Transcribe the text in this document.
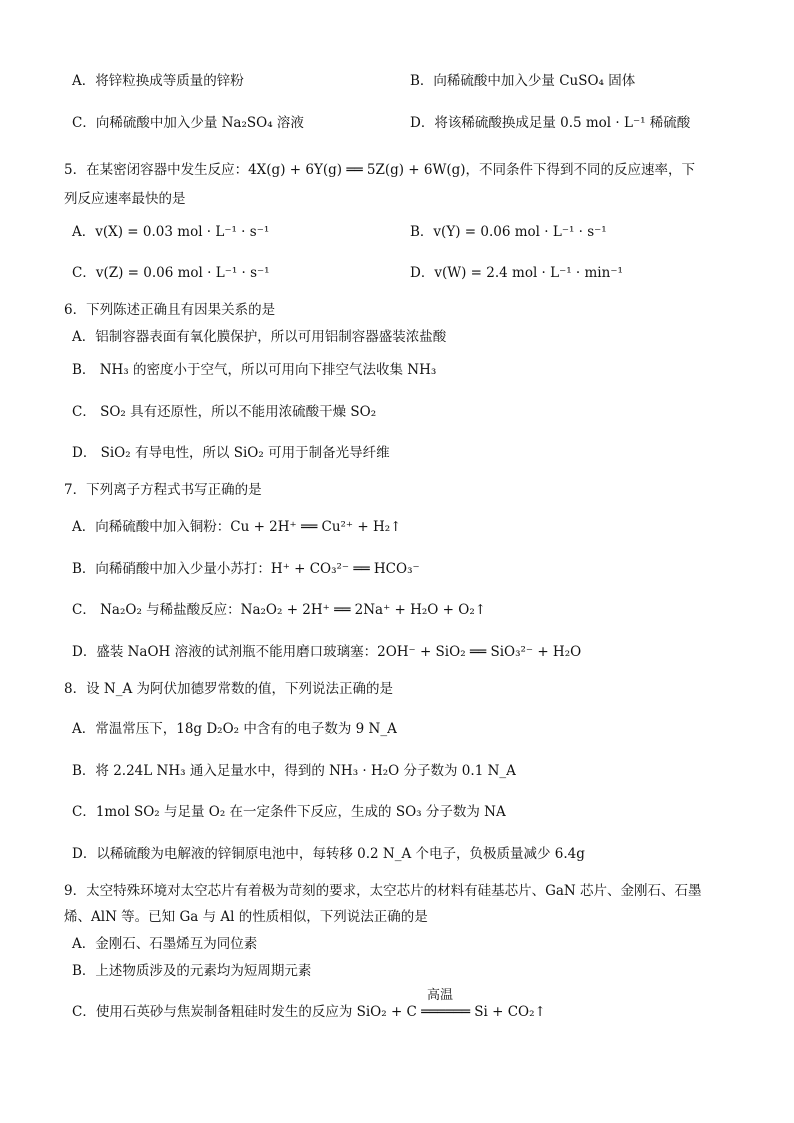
A．将锌粒换成等质量的锌粉	B．向稀硫酸中加入少量 CuSO₄ 固体
C．向稀硫酸中加入少量 Na₂SO₄ 溶液	D．将该稀硫酸换成足量 0.5 mol · L⁻¹ 稀硫酸
5．在某密闭容器中发生反应：4X(g) + 6Y(g) ══ 5Z(g) + 6W(g)，不同条件下得到不同的反应速率，下
列反应速率最快的是
A．v(X) = 0.03 mol · L⁻¹ · s⁻¹	B．v(Y) = 0.06 mol · L⁻¹ · s⁻¹
C．v(Z) = 0.06 mol · L⁻¹ · s⁻¹	D．v(W) = 2.4 mol · L⁻¹ · min⁻¹
6．下列陈述正确且有因果关系的是
A．铝制容器表面有氧化膜保护，所以可用铝制容器盛装浓盐酸
B． NH₃ 的密度小于空气，所以可用向下排空气法收集 NH₃
C． SO₂ 具有还原性，所以不能用浓硫酸干燥 SO₂
D． SiO₂ 有导电性，所以 SiO₂ 可用于制备光导纤维
7．下列离子方程式书写正确的是
A．向稀硫酸中加入铜粉：Cu + 2H⁺ ══ Cu²⁺ + H₂↑
B．向稀硝酸中加入少量小苏打：H⁺ + CO₃²⁻ ══ HCO₃⁻
C． Na₂O₂ 与稀盐酸反应：Na₂O₂ + 2H⁺ ══ 2Na⁺ + H₂O + O₂↑
D．盛装 NaOH 溶液的试剂瓶不能用磨口玻璃塞：2OH⁻ + SiO₂ ══ SiO₃²⁻ + H₂O
8．设 N_A 为阿伏加德罗常数的值，下列说法正确的是
A．常温常压下，18g D₂O₂ 中含有的电子数为 9 N_A
B．将 2.24L NH₃ 通入足量水中，得到的 NH₃ · H₂O 分子数为 0.1 N_A
C．1mol SO₂ 与足量 O₂ 在一定条件下反应，生成的 SO₃ 分子数为 NA
D．以稀硫酸为电解液的锌铜原电池中，每转移 0.2 N_A 个电子，负极质量减少 6.4g
9．太空特殊环境对太空芯片有着极为苛刻的要求，太空芯片的材料有硅基芯片、GaN 芯片、金刚石、石墨
烯、AlN 等。已知 Ga 与 Al 的性质相似，下列说法正确的是
A．金刚石、石墨烯互为同位素
B．上述物质涉及的元素均为短周期元素
高温
C．使用石英砂与焦炭制备粗硅时发生的反应为 SiO₂ + C ══════ Si + CO₂↑
